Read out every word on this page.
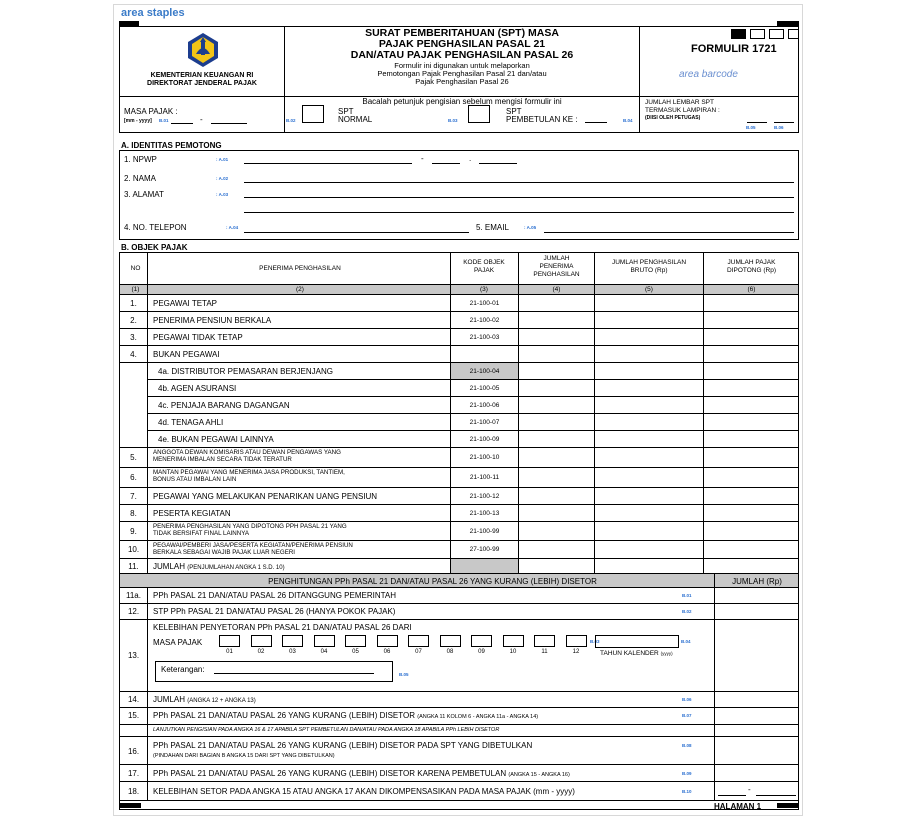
area staples
KEMENTERIAN KEUANGAN RI
DIREKTORAT JENDERAL PAJAK
SURAT PEMBERITAHUAN (SPT) MASA
PAJAK PENGHASILAN PASAL 21
DAN/ATAU PAJAK PENGHASILAN PASAL 26
Formulir ini digunakan untuk melaporkan
Pemotongan Pajak Penghasilan Pasal 21 dan/atau
Pajak Penghasilan Pasal 26
FORMULIR 1721
area barcode
Bacalah petunjuk pengisian sebelum mengisi formulir ini
MASA PAJAK :
[mm - yyyy] B.01	-	B.02
SPT
NORMAL	B.03
SPT
PEMBETULAN KE :	B.04
JUMLAH LEMBAR SPT
TERMASUK LAMPIRAN :
(DIISI OLEH PETUGAS)
B.05	B.06
A. IDENTITAS PEMOTONG
1. NPWP	: A.01	-	.
2. NAMA	: A.02
3. ALAMAT	: A.03
4. NO. TELEPON	: A.04	5. EMAIL	: A.05
B. OBJEK PAJAK
NO	PENERIMA PENGHASILAN
KODE OBJEK
PAJAK
JUMLAH
PENERIMA
PENGHASILAN
JUMLAH PENGHASILAN
BRUTO (Rp)
JUMLAH PAJAK
DIPOTONG (Rp)
(1)	(2)	(3)	(4)	(5)	(6)
1.	PEGAWAI TETAP	21-100-01
2.	PENERIMA PENSIUN BERKALA	21-100-02
3.	PEGAWAI TIDAK TETAP	21-100-03
4.	BUKAN PEGAWAI
4a. DISTRIBUTOR PEMASARAN BERJENJANG	21-100-04
4b. AGEN ASURANSI	21-100-05
4c. PENJAJA BARANG DAGANGAN	21-100-06
4d. TENAGA AHLI	21-100-07
4e. BUKAN PEGAWAI LAINNYA	21-100-09
5.
ANGGOTA DEWAN KOMISARIS ATAU DEWAN PENGAWAS YANG
MENERIMA IMBALAN SECARA TIDAK TERATUR	21-100-10
6.
MANTAN PEGAWAI YANG MENERIMA JASA PRODUKSI, TANTIEM,
BONUS ATAU IMBALAN LAIN	21-100-11
7.	PEGAWAI YANG MELAKUKAN PENARIKAN UANG PENSIUN	21-100-12
8.	PESERTA KEGIATAN	21-100-13
9.	PENERIMA PENGHASILAN YANG DIPOTONG PPH PASAL 21 YANG
TIDAK BERSIFAT FINAL LAINNYA	21-100-99
10.	PEGAWAI/PEMBERI JASA/PESERTA KEGIATAN/PENERIMA PENSIUN
BERKALA SEBAGAI WAJIB PAJAK LUAR NEGERI	27-100-99
11.	JUMLAH (PENJUMLAHAN ANGKA 1 S.D. 10)
PENGHITUNGAN PPh PASAL 21 DAN/ATAU PASAL 26 YANG KURANG (LEBIH) DISETOR	JUMLAH (Rp)
11a.	PPh PASAL 21 DAN/ATAU PASAL 26 DITANGGUNG PEMERINTAH	B.01
12.	STP PPh PASAL 21 DAN/ATAU PASAL 26 (HANYA POKOK PAJAK)	B.02
13.
KELEBIHAN PENYETORAN PPh PASAL 21 DAN/ATAU PASAL 26 DARI
MASA PAJAK
01	02	03	04	05	06	07	08	09	10	11	12
B.03	B.04
TAHUN KALENDER (yyyy)
Keterangan:
B.05
14.	JUMLAH (ANGKA 12 + ANGKA 13)	B.06
15.	PPh PASAL 21 DAN/ATAU PASAL 26 YANG KURANG (LEBIH) DISETOR (ANGKA 11 KOLOM 6 - ANGKA 11a - ANGKA 14)	B.07
LANJUTKAN PENGISIAN PADA ANGKA 16 & 17 APABILA SPT PEMBETULAN DAN/ATAU PADA ANGKA 18 APABILA PPh LEBIH DISETOR
16.
PPh PASAL 21 DAN/ATAU PASAL 26 YANG KURANG (LEBIH) DISETOR PADA SPT YANG DIBETULKAN
(PINDAHAN DARI BAGIAN B ANGKA 15 DARI SPT YANG DIBETULKAN)
B.08
17.	PPh PASAL 21 DAN/ATAU PASAL 26 YANG KURANG (LEBIH) DISETOR KARENA PEMBETULAN (ANGKA 15 - ANGKA 16)	B.09
18.	KELEBIHAN SETOR PADA ANGKA 15 ATAU ANGKA 17 AKAN DIKOMPENSASIKAN PADA MASA PAJAK (mm - yyyy)	B.10	-
HALAMAN 1
